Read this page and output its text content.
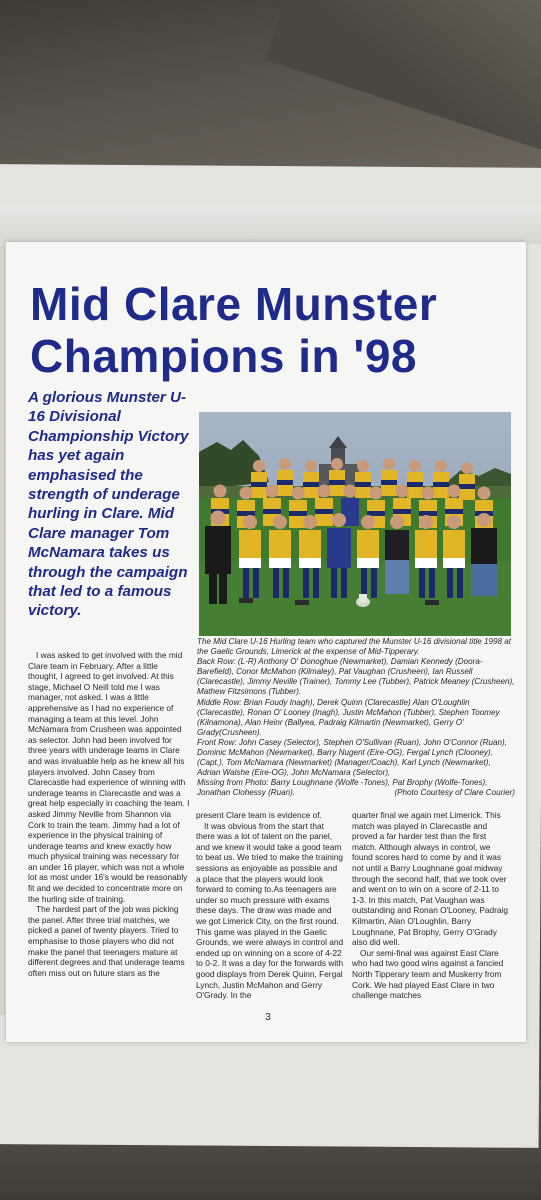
Mid Clare Munster
Champions in '98
A glorious Munster U-16 Divisional Championship Victory has yet again emphasised the strength of underage hurling in Clare. Mid Clare manager Tom McNamara takes us through the campaign that led to a famous victory.

The Mid Clare U-16 Hurling team who captured the Munster U-16 divisional title 1998 at the Gaelic Grounds, Limerick at the expense of Mid-Tipperary.

Back Row: (L-R) Anthony O' Donoghue (Newmarket), Damian Kennedy (Doora-Barefield), Conor McMahon (Kilmaley), Pat Vaughan (Crusheen), Ian Russell (Clarecastle), Jimmy Neville (Trainer), Tommy Lee (Tubber), Patrick Meaney (Crusheen), Mathew Fitzsimons (Tubber).

Middle Row: Brian Foudy Inagh), Derek Quinn (Clarecastle) Alan O'Loughlin (Clarecastle), Ronan O' Looney (Inagh), Justin McMahon (Tubber), Stephen Toomey (Kilnamona), Alan Heinr (Ballyea, Padraig Kilmartin (Newmarket), Gerry O' Grady(Crusheen).

Front Row: John Casey (Selector), Stephen O'Sullivan (Ruan), John O'Connor (Ruan), Dominic McMahon (Newmarket), Barry Nugent (Eire-OG), Fergal Lynch (Clooney), (Capt.), Tom McNamara (Newmarket) (Manager/Coach), Karl Lynch (Newmarket), Adrian Walshe (Eire-OG), John McNamara (Selector),

Missing from Photo: Barry Loughnane (Wolfe -Tones), Pat Brophy (Wolfe-Tones),

Jonathan Clohessy (Ruan).	(Photo Courtesy of Clare Courier)

I was asked to get involved with the mid Clare team in February. After a little thought, I agreed to get involved. At this stage, Michael O Neill told me I was manager, not asked. I was a little apprehensive as I had no experience of managing a team at this level. John McNamara from Crusheen was appointed as selector. John had been involved for three years with underage teams in Clare and was invaluable help as he knew all his players involved. John Casey from Clarecastle had experience of winning with underage teams in Clarecastle and was a great help especially in coaching the team. I asked Jimmy Neville from Shannon via Cork to train the team. Jimmy had a lot of experience in the physical training of underage teams and knew exactly how much physical training was necessary for an under 16 player, which was not a whole lot as most under 16's would be reasonably fit and we decided to concentrate more on the hurling side of training.

The hardest part of the job was picking the panel. After three trial matches, we picked a panel of twenty players. Tried to emphasise to those players who did not make the panel that teenagers mature at different degrees and that underage teams often miss out on future stars as the

present Clare team is evidence of.

It was obvious from the start that there was a lot of talent on the panel, and we knew it would take a good team to beat us. We tried to make the training sessions as enjoyable as possible and a place that the players would look forward to coming to.As teenagers are under so much pressure with exams these days. The draw was made and we got Limerick City, on the first round. This game was played in the Gaelic Grounds, we were always in control and ended up on winning on a score of 4-22 to 0-2. It was a day for the forwards with good displays from Derek Quinn, Fergal Lynch, Justin McMahon and Gerry O'Grady. In the

quarter final we again met Limerick. This match was played in Clarecastle and proved a far harder test than the first match. Although always in control, we found scores hard to come by and it was not until a Barry Loughnane goal midway through the second half, that we took over and went on to win on a score of 2-11 to 1-3. In this match, Pat Vaughan was outstanding and Ronan O'Looney, Padraig Kilmartin, Alan O'Loughlin, Barry Loughnane, Pat Brophy, Gerry O'Grady also did well.

Our semi-final was against East Clare who had two good wins against a fancied North Tipperary team and Muskerry from Cork. We had played East Clare in two challenge matches

3
